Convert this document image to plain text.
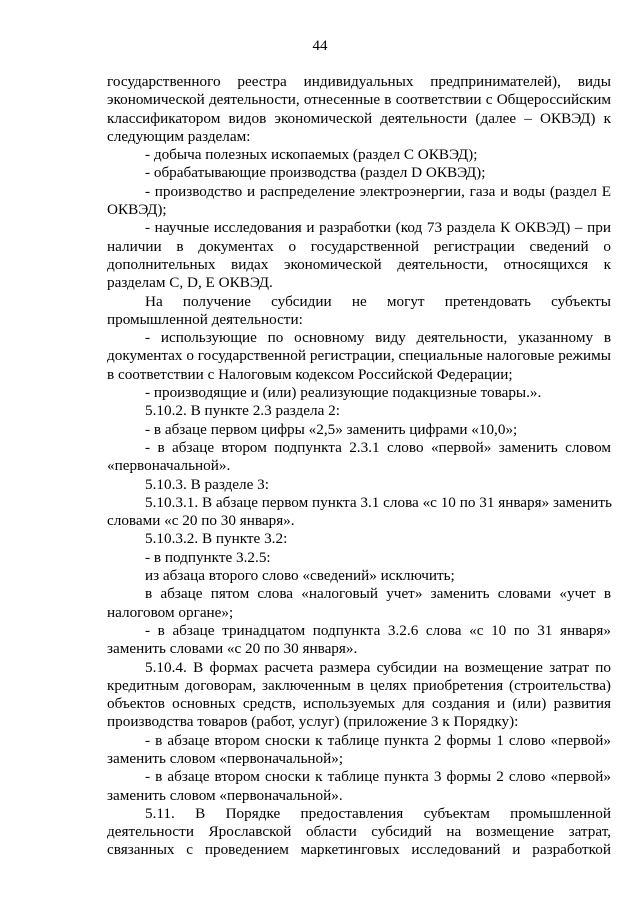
44
государственного реестра индивидуальных предпринимателей), виды
экономической деятельности, отнесенные в соответствии с Общероссийским
классификатором видов экономической деятельности (далее – ОКВЭД) к
следующим разделам:
- добыча полезных ископаемых (раздел С ОКВЭД);
- обрабатывающие производства (раздел D ОКВЭД);
- производство и распределение электроэнергии, газа и воды (раздел Е
ОКВЭД);
- научные исследования и разработки (код 73 раздела К ОКВЭД) – при
наличии в документах о государственной регистрации сведений о
дополнительных видах экономической деятельности, относящихся к
разделам С, D, Е ОКВЭД.
На получение субсидии не могут претендовать субъекты
промышленной деятельности:
- использующие по основному виду деятельности, указанному в
документах о государственной регистрации, специальные налоговые режимы
в соответствии с Налоговым кодексом Российской Федерации;
- производящие и (или) реализующие подакцизные товары.».
5.10.2. В пункте 2.3 раздела 2:
- в абзаце первом цифры «2,5» заменить цифрами «10,0»;
- в абзаце втором подпункта 2.3.1 слово «первой» заменить словом
«первоначальной».
5.10.3. В разделе 3:
5.10.3.1. В абзаце первом пункта 3.1 слова «с 10 по 31 января» заменить
словами «с 20 по 30 января».
5.10.3.2. В пункте 3.2:
- в подпункте 3.2.5:
из абзаца второго слово «сведений» исключить;
в абзаце пятом слова «налоговый учет» заменить словами «учет в
налоговом органе»;
- в абзаце тринадцатом подпункта 3.2.6 слова «с 10 по 31 января»
заменить словами «с 20 по 30 января».
5.10.4. В формах расчета размера субсидии на возмещение затрат по
кредитным договорам, заключенным в целях приобретения (строительства)
объектов основных средств, используемых для создания и (или) развития
производства товаров (работ, услуг) (приложение 3 к Порядку):
- в абзаце втором сноски к таблице пункта 2 формы 1 слово «первой»
заменить словом «первоначальной»;
- в абзаце втором сноски к таблице пункта 3 формы 2 слово «первой»
заменить словом «первоначальной».
5.11. В Порядке предоставления субъектам промышленной
деятельности Ярославской области субсидий на возмещение затрат,
связанных с проведением маркетинговых исследований и разработкой
